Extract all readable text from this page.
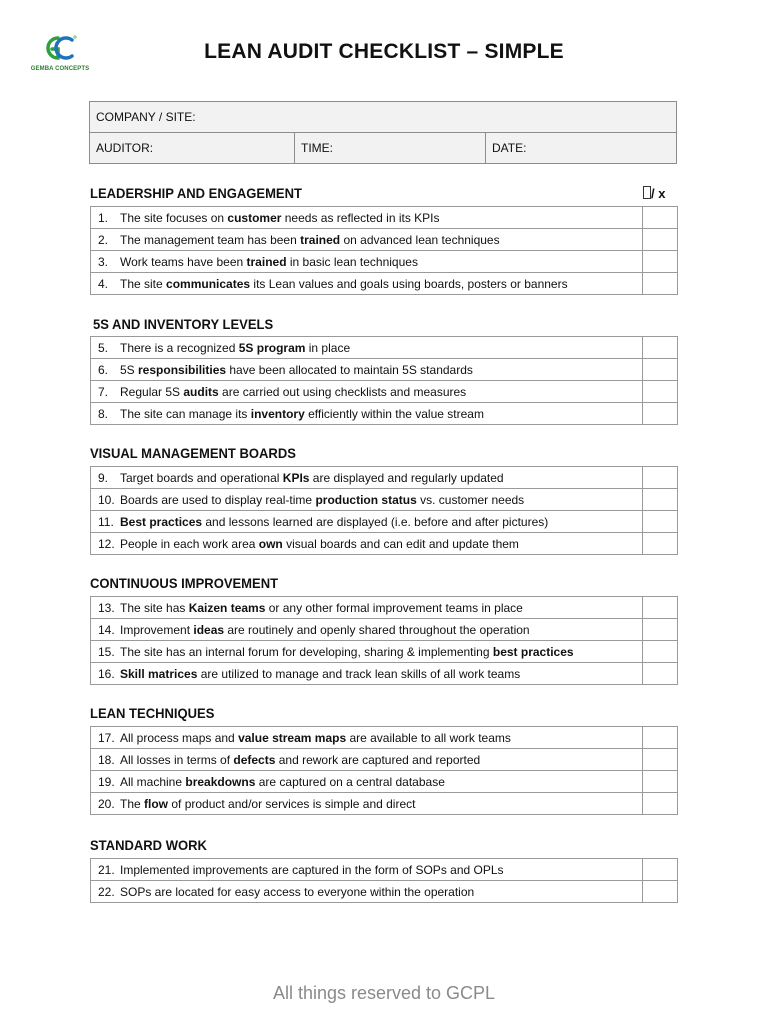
GEMBA CONCEPTS
LEAN AUDIT CHECKLIST – SIMPLE
COMPANY / SITE:
AUDITOR:	TIME:	DATE:
/ x
LEADERSHIP AND ENGAGEMENT
1. The site focuses on customer needs as reflected in its KPIs	
2. The management team has been trained on advanced lean techniques	
3. Work teams have been trained in basic lean techniques	
4. The site communicates its Lean values and goals using boards, posters or banners	
5S AND INVENTORY LEVELS
5. There is a recognized 5S program in place	
6. 5S responsibilities have been allocated to maintain 5S standards	
7. Regular 5S audits are carried out using checklists and measures	
8. The site can manage its inventory efficiently within the value stream	
VISUAL MANAGEMENT BOARDS
9. Target boards and operational KPIs are displayed and regularly updated	
10. Boards are used to display real-time production status vs. customer needs	
11. Best practices and lessons learned are displayed (i.e. before and after pictures)	
12. People in each work area own visual boards and can edit and update them	
CONTINUOUS IMPROVEMENT
13. The site has Kaizen teams or any other formal improvement teams in place	
14. Improvement ideas are routinely and openly shared throughout the operation	
15. The site has an internal forum for developing, sharing & implementing best practices	
16. Skill matrices are utilized to manage and track lean skills of all work teams	
LEAN TECHNIQUES
17. All process maps and value stream maps are available to all work teams	
18. All losses in terms of defects and rework are captured and reported	
19. All machine breakdowns are captured on a central database	
20. The flow of product and/or services is simple and direct	
STANDARD WORK
21. Implemented improvements are captured in the form of SOPs and OPLs	
22. SOPs are located for easy access to everyone within the operation	
All things reserved to GCPL
